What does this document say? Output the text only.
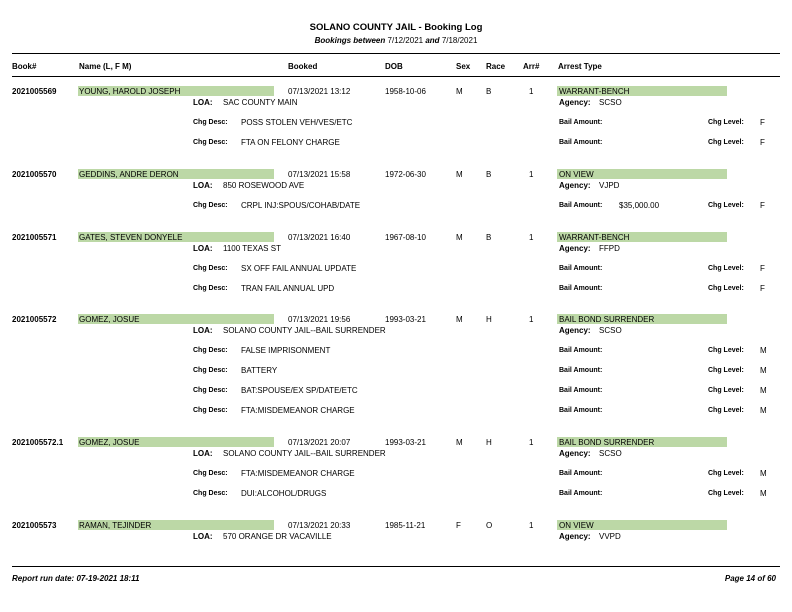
SOLANO COUNTY JAIL - Booking Log
Bookings between 7/12/2021 and 7/18/2021
Book#	Name (L, F M)	Booked	DOB	Sex Race Arr# Arrest Type
2021005569	YOUNG, HAROLD JOSEPH	07/13/2021 13:12	1958-10-06	M	B	1	WARRANT-BENCH
LOA: SAC COUNTY MAIN	Agency: SCSO
Chg Desc: POSS STOLEN VEH/VES/ETC	Bail Amount:	Chg Level: F
Chg Desc: FTA ON FELONY CHARGE	Bail Amount:	Chg Level: F
2021005570	GEDDINS, ANDRE DERON	07/13/2021 15:58	1972-06-30	M	B	1	ON VIEW
LOA: 850 ROSEWOOD AVE	Agency: VJPD
Chg Desc: CRPL INJ:SPOUS/COHAB/DATE	Bail Amount: $35,000.00	Chg Level: F
2021005571	GATES, STEVEN DONYELE	07/13/2021 16:40	1967-08-10	M	B	1	WARRANT-BENCH
LOA: 1100 TEXAS ST	Agency: FFPD
Chg Desc: SX OFF FAIL ANNUAL UPDATE	Bail Amount:	Chg Level: F
Chg Desc: TRAN FAIL ANNUAL UPD	Bail Amount:	Chg Level: F
2021005572	GOMEZ, JOSUE	07/13/2021 19:56	1993-03-21	M	H	1	BAIL BOND SURRENDER
LOA: SOLANO COUNTY JAIL--BAIL SURRENDER	Agency: SCSO
Chg Desc: FALSE IMPRISONMENT	Bail Amount:	Chg Level: M
Chg Desc: BATTERY	Bail Amount:	Chg Level: M
Chg Desc: BAT:SPOUSE/EX SP/DATE/ETC	Bail Amount:	Chg Level: M
Chg Desc: FTA:MISDEMEANOR CHARGE	Bail Amount:	Chg Level: M
2021005572.1 GOMEZ, JOSUE	07/13/2021 20:07	1993-03-21	M	H	1	BAIL BOND SURRENDER
LOA: SOLANO COUNTY JAIL--BAIL SURRENDER	Agency: SCSO
Chg Desc: FTA:MISDEMEANOR CHARGE	Bail Amount:	Chg Level: M
Chg Desc: DUI:ALCOHOL/DRUGS	Bail Amount:	Chg Level: M
2021005573	RAMAN, TEJINDER	07/13/2021 20:33	1985-11-21	F	O	1	ON VIEW
LOA: 570 ORANGE DR VACAVILLE	Agency: VVPD
Report run date: 07-19-2021 18:11	Page 14 of 60
